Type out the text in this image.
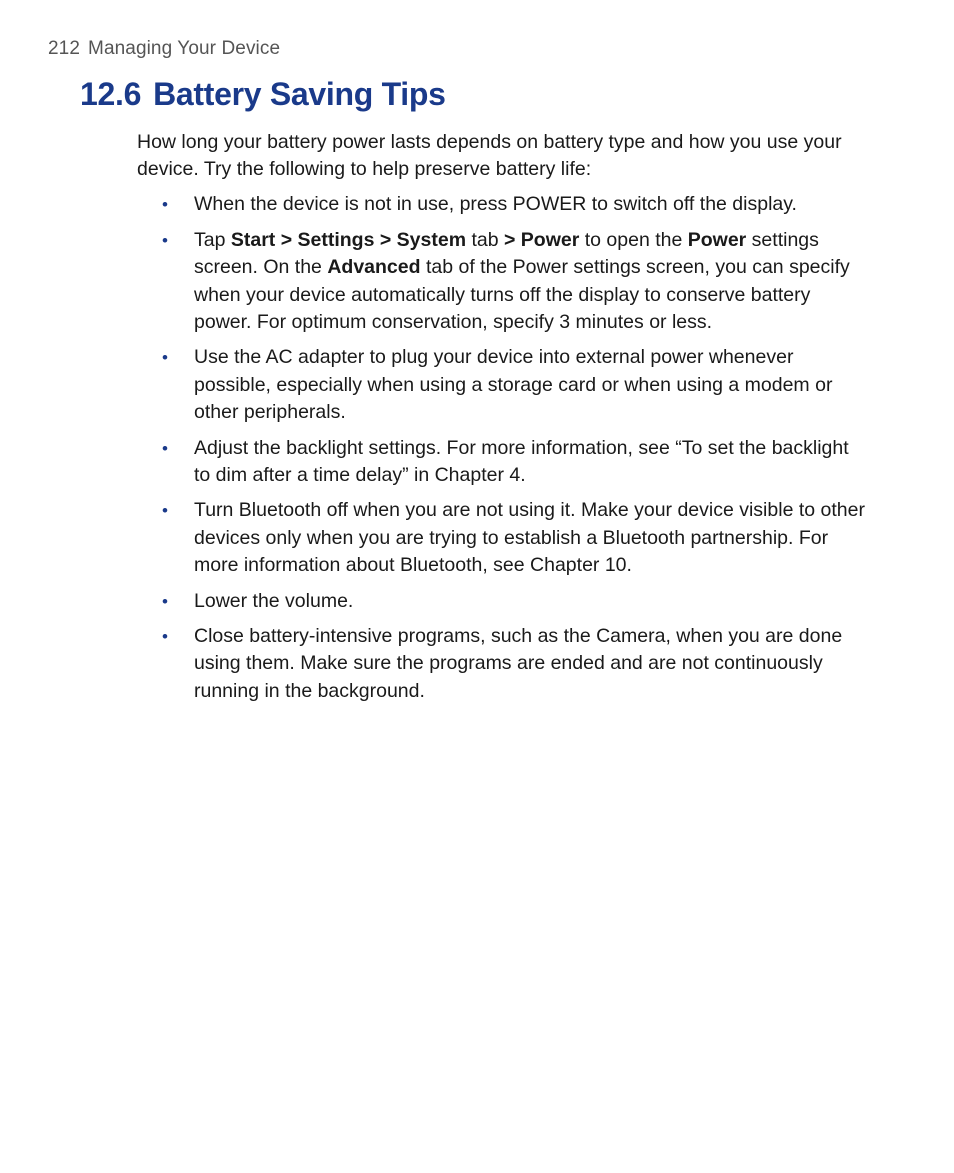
212 Managing Your Device
12.6 Battery Saving Tips

How long your battery power lasts depends on battery type and how you use your device. Try the following to help preserve battery life:

• When the device is not in use, press POWER to switch off the display.
• Tap Start > Settings > System tab > Power to open the Power settings screen. On the Advanced tab of the Power settings screen, you can specify when your device automatically turns off the display to conserve battery power. For optimum conservation, specify 3 minutes or less.
• Use the AC adapter to plug your device into external power whenever possible, especially when using a storage card or when using a modem or other peripherals.
• Adjust the backlight settings. For more information, see “To set the backlight to dim after a time delay” in Chapter 4.
• Turn Bluetooth off when you are not using it. Make your device visible to other devices only when you are trying to establish a Bluetooth partnership. For more information about Bluetooth, see Chapter 10.
• Lower the volume.
• Close battery-intensive programs, such as the Camera, when you are done using them. Make sure the programs are ended and are not continuously running in the background.
